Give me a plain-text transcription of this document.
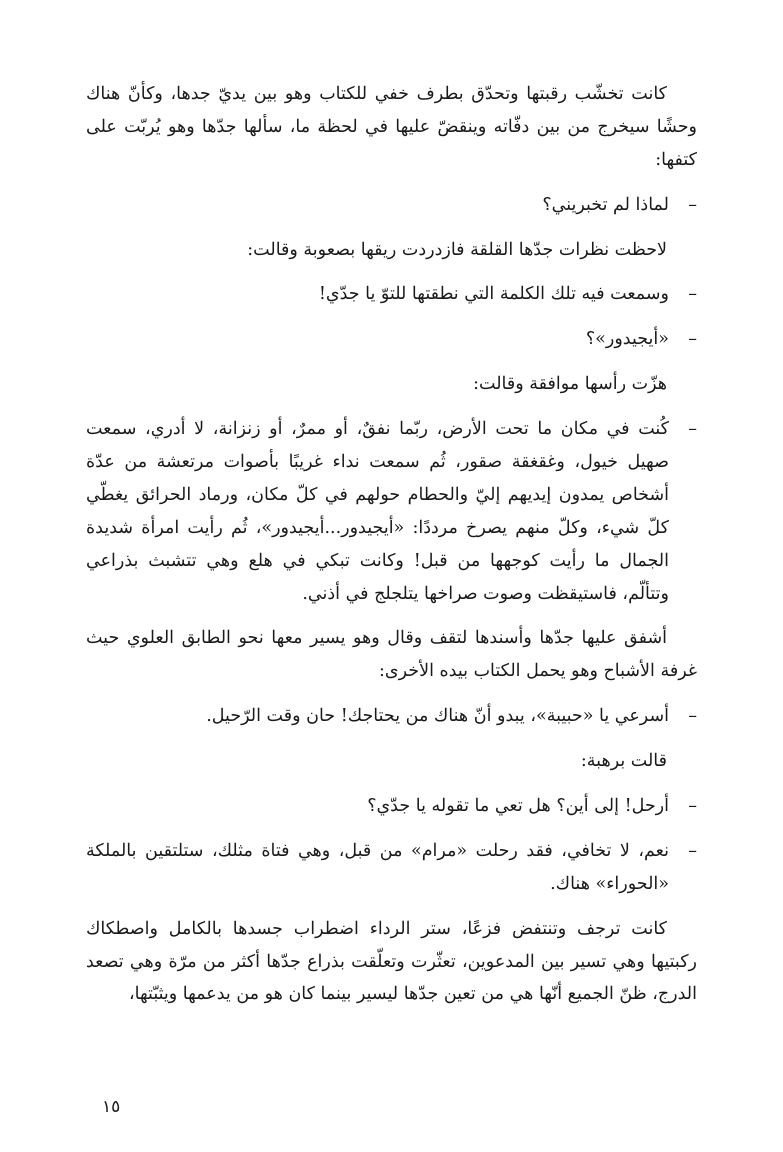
كانت تخشّب رقبتها وتحدّق بطرف خفي للكتاب وهو بين يديّ جدها، وكأنّ هناك وحشًا سيخرج من بين دفّاته وينقضّ عليها في لحظة ما، سألها جدّها وهو يُربّت على كتفها:

–
لماذا لم تخبريني؟

لاحظت نظرات جدّها القلقة فازدردت ريقها بصعوبة وقالت:

–
وسمعت فيه تلك الكلمة التي نطقتها للتوّ يا جدّي!

–
«أيجيدور»؟

هزّت رأسها موافقة وقالت:

–
كُنت في مكان ما تحت الأرض، ربّما نفقٌ، أو ممرٌ، أو زنزانة، لا أدري، سمعت صهيل خيول، وغقغقة صقور، ثُم سمعت نداء غريبًا بأصوات مرتعشة من عدّة أشخاص يمدون إيديهم إليّ والحطام حولهم في كلّ مكان، ورماد الحرائق يغطّي كلّ شيء، وكلّ منهم يصرخ مرددًا: «أيجيدور...أيجيدور»، ثُم رأيت امرأة شديدة الجمال ما رأيت كوجهها من قبل! وكانت تبكي في هلع وهي تتشبث بذراعي وتتألّم، فاستيقظت وصوت صراخها يتلجلج في أذني.

أشفق عليها جدّها وأسندها لتقف وقال وهو يسير معها نحو الطابق العلوي حيث غرفة الأشباح وهو يحمل الكتاب بيده الأخرى:

–
أسرعي يا «حبيبة»، يبدو أنّ هناك من يحتاجك! حان وقت الرّحيل.

قالت برهبة:

–
أرحل! إلى أين؟ هل تعي ما تقوله يا جدّي؟

–
نعم، لا تخافي، فقد رحلت «مرام» من قبل، وهي فتاة مثلك، ستلتقين بالملكة «الحوراء» هناك.

كانت ترجف وتنتفض فزعًا، ستر الرداء اضطراب جسدها بالكامل واصطكاك ركبتيها وهي تسير بين المدعوين، تعثّرت وتعلّقت بذراع جدّها أكثر من مرّة وهي تصعد الدرج، ظنّ الجميع أنّها هي من تعين جدّها ليسير بينما كان هو من يدعمها ويثبّتها،

١٥
